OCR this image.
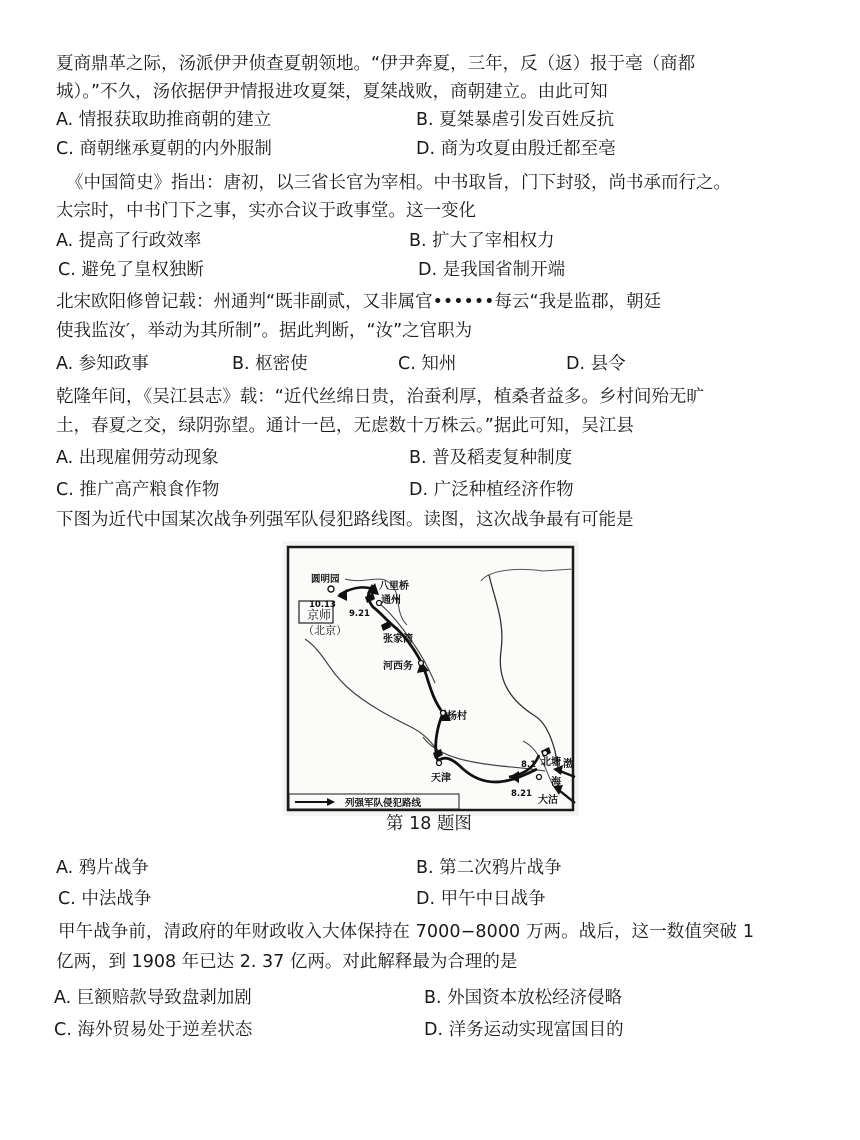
夏商鼎革之际，汤派伊尹侦查夏朝领地。“伊尹奔夏，三年，反（返）报于亳（商都
城）。”不久，汤依据伊尹情报进攻夏桀，夏桀战败，商朝建立。由此可知
A. 情报获取助推商朝的建立	B. 夏桀暴虐引发百姓反抗
C. 商朝继承夏朝的内外服制	D. 商为攻夏由殷迁都至亳
《中国简史》指出：唐初，以三省长官为宰相。中书取旨，门下封驳，尚书承而行之。
太宗时，中书门下之事，实亦合议于政事堂。这一变化
A. 提高了行政效率	B. 扩大了宰相权力
C. 避免了皇权独断	D. 是我国省制开端
北宋欧阳修曾记载：州通判“既非副贰，又非属官••••••每云“我是监郡，朝廷
使我监汝′，举动为其所制”。据此判断，“汝”之官职为
A. 参知政事	B. 枢密使	C. 知州	D. 县令
乾隆年间，《吴江县志》载：“近代丝绵日贵，治蚕利厚，植桑者益多。乡村间殆无旷
土，春夏之交，绿阴弥望。通计一邑，无虑数十万株云。”据此可知，吴江县
A. 出现雇佣劳动现象	B. 普及稻麦复种制度
C. 推广高产粮食作物	D. 广泛种植经济作物
下图为近代中国某次战争列强军队侵犯路线图。读图，这次战争最有可能是
圆明园
八里桥
通州
京师
（北京）
张家湾
河西务
杨村
天津
北塘 渤
海
大沽
10.13
9.21
8.1
8.21
列强军队侵犯路线
第 18 题图
A. 鸦片战争	B. 第二次鸦片战争
C. 中法战争	D. 甲午中日战争
甲午战争前，清政府的年财政收入大体保持在 7000−8000 万两。战后，这一数值突破 1
亿两，到 1908 年已达 2. 37 亿两。对此解释最为合理的是
A. 巨额赔款导致盘剥加剧	B. 外国资本放松经济侵略
C. 海外贸易处于逆差状态	D. 洋务运动实现富国目的
